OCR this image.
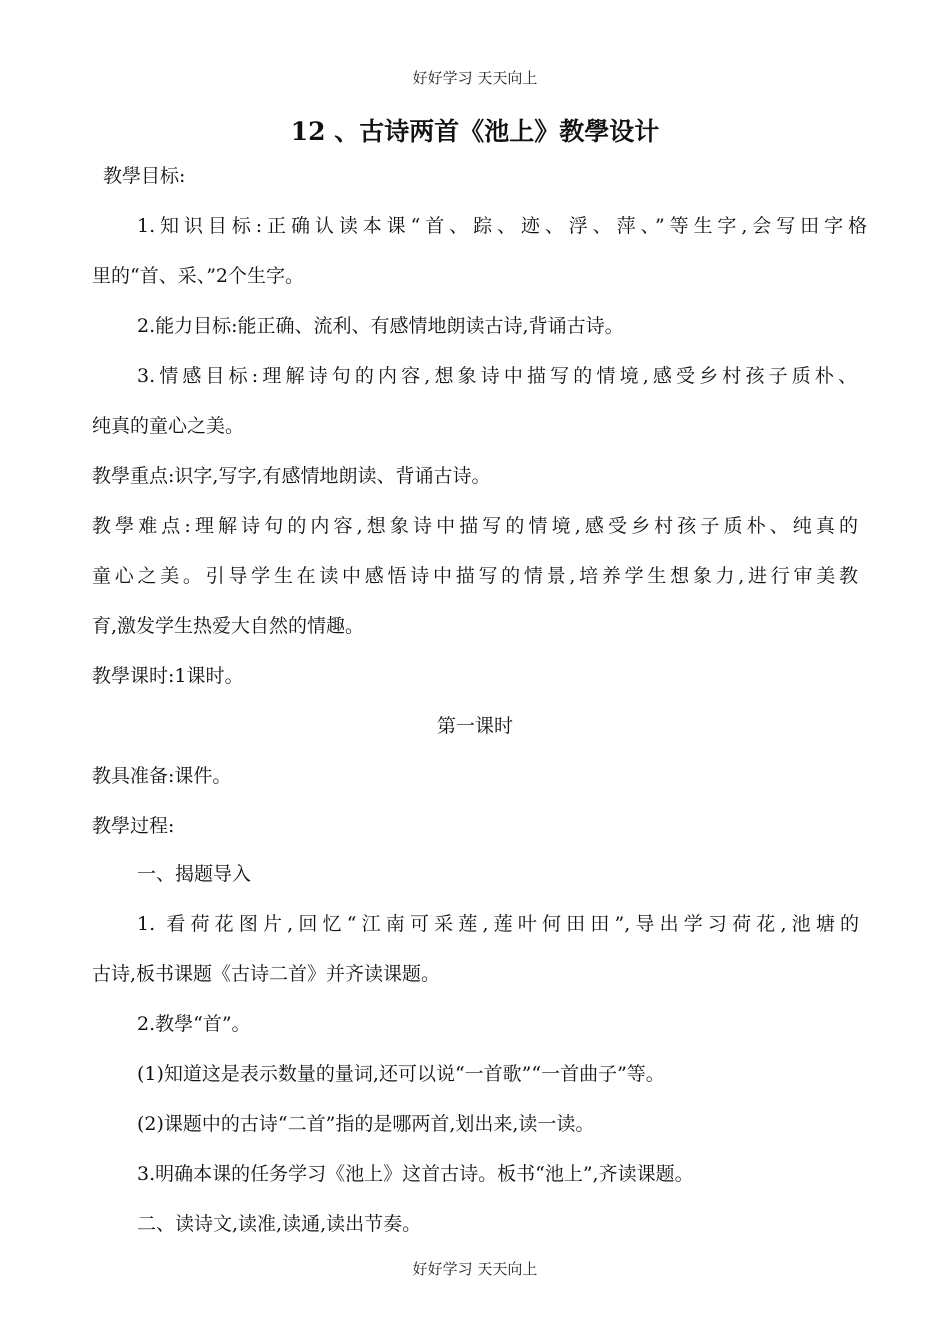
好好学习 天天向上
12 、古诗两首《池上》教學设计

教學目标:

1.知识目标:正确认读本课“首、踪、迹、浮、萍、”等生字,会写田字格

里的“首、采、”2个生字。

2.能力目标:能正确、流利、有感情地朗读古诗,背诵古诗。

3.情感目标:理解诗句的内容,想象诗中描写的情境,感受乡村孩子质朴、

纯真的童心之美。

教學重点:识字,写字,有感情地朗读、背诵古诗。

教學难点:理解诗句的内容,想象诗中描写的情境,感受乡村孩子质朴、纯真的

童心之美。引导学生在读中感悟诗中描写的情景,培养学生想象力,进行审美教

育,激发学生热爱大自然的情趣。

教學课时:1课时。

第一课时

教具准备:课件。

教學过程:

一、揭题导入

1. 看荷花图片,回忆“江南可采莲,莲叶何田田”,导出学习荷花,池塘的

古诗,板书课题《古诗二首》并齐读课题。

2.教學“首”。

(1)知道这是表示数量的量词,还可以说“一首歌”“一首曲子”等。

(2)课题中的古诗“二首”指的是哪两首,划出来,读一读。

3.明确本课的任务学习《池上》这首古诗。板书“池上”,齐读课题。

二、读诗文,读准,读通,读出节奏。

好好学习 天天向上
